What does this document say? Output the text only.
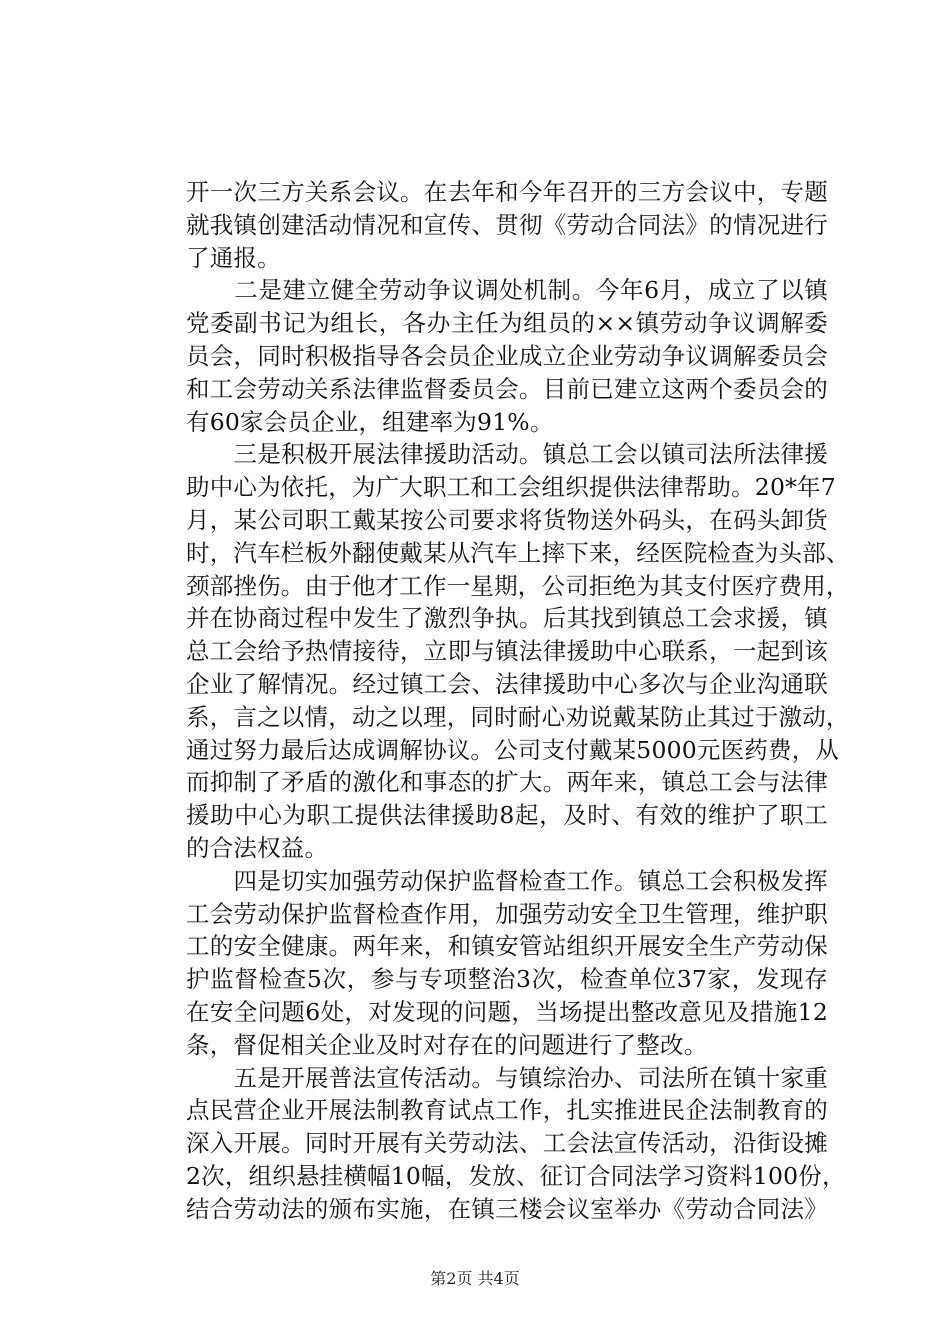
开一次三方关系会议。在去年和今年召开的三方会议中，专题
就我镇创建活动情况和宣传、贯彻《劳动合同法》的情况进行
了通报。
　　二是建立健全劳动争议调处机制。今年6月，成立了以镇
党委副书记为组长，各办主任为组员的××镇劳动争议调解委
员会，同时积极指导各会员企业成立企业劳动争议调解委员会
和工会劳动关系法律监督委员会。目前已建立这两个委员会的
有60家会员企业，组建率为91%。
　　三是积极开展法律援助活动。镇总工会以镇司法所法律援
助中心为依托，为广大职工和工会组织提供法律帮助。20*年7
月，某公司职工戴某按公司要求将货物送外码头，在码头卸货
时，汽车栏板外翻使戴某从汽车上摔下来，经医院检查为头部、
颈部挫伤。由于他才工作一星期，公司拒绝为其支付医疗费用，
并在协商过程中发生了激烈争执。后其找到镇总工会求援，镇
总工会给予热情接待，立即与镇法律援助中心联系，一起到该
企业了解情况。经过镇工会、法律援助中心多次与企业沟通联
系，言之以情，动之以理，同时耐心劝说戴某防止其过于激动，
通过努力最后达成调解协议。公司支付戴某5000元医药费，从
而抑制了矛盾的激化和事态的扩大。两年来，镇总工会与法律
援助中心为职工提供法律援助8起，及时、有效的维护了职工
的合法权益。
　　四是切实加强劳动保护监督检查工作。镇总工会积极发挥
工会劳动保护监督检查作用，加强劳动安全卫生管理，维护职
工的安全健康。两年来，和镇安管站组织开展安全生产劳动保
护监督检查5次，参与专项整治3次，检查单位37家，发现存
在安全问题6处，对发现的问题，当场提出整改意见及措施12
条，督促相关企业及时对存在的问题进行了整改。
　　五是开展普法宣传活动。与镇综治办、司法所在镇十家重
点民营企业开展法制教育试点工作，扎实推进民企法制教育的
深入开展。同时开展有关劳动法、工会法宣传活动，沿街设摊
2次，组织悬挂横幅10幅，发放、征订合同法学习资料100份，
结合劳动法的颁布实施，在镇三楼会议室举办《劳动合同法》
第2页 共4页
